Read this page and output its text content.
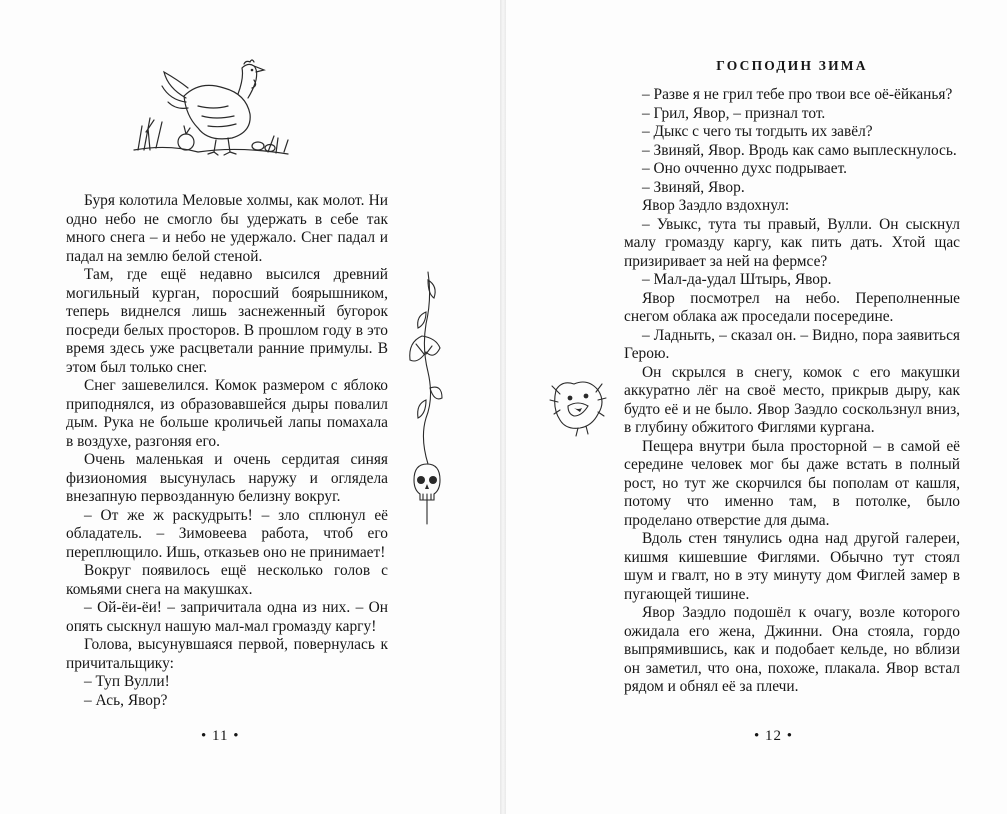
Буря колотила Меловые холмы, как молот. Ни одно небо не смогло бы удержать в себе так много снега – и небо не удержало. Снег падал и падал на землю белой стеной.

Там, где ещё недавно высился древний могильный курган, поросший боярышником, теперь виднелся лишь заснеженный бугорок посреди белых просторов. В прошлом году в это время здесь уже расцветали ранние примулы. В этом был только снег.

Снег зашевелился. Комок размером с яблоко приподнялся, из образовавшейся дыры повалил дым. Рука не больше кроличьей лапы помахала в воздухе, разгоняя его.

Очень маленькая и очень сердитая синяя физиономия высунулась наружу и оглядела внезапную первозданную белизну вокруг.

– От же ж раскудрыть! – зло сплюнул её обладатель. – Зимовеева работа, чтоб его переплющило. Ишь, отказьев оно не принимает!

Вокруг появилось ещё несколько голов с комьями снега на макушках.

– Ой-ёи-ёи! – запричитала одна из них. – Он опять сыскнул нашую мал-мал громазду каргу!

Голова, высунувшаяся первой, повернулась к причитальщику:

– Туп Вулли!

– Ась, Явор?

• 11 •
ГОСПОДИН ЗИМА

– Разве я не грил тебе про твои все оё-ёйканья?

– Грил, Явор, – признал тот.

– Дыкс с чего ты тогдыть их завёл?

– Звиняй, Явор. Вродь как само выплескнулось.

– Оно очченно духс подрывает.

– Звиняй, Явор.

Явор Заэдло вздохнул:

– Увыкс, тута ты правый, Вулли. Он сыскнул малу громазду каргу, как пить дать. Хтой щас призиривает за ней на фермсе?

– Мал-да-удал Штырь, Явор.

Явор посмотрел на небо. Переполненные снегом облака аж проседали посередине.

– Ладныть, – сказал он. – Видно, пора заявиться Герою.

Он скрылся в снегу, комок с его макушки аккуратно лёг на своё место, прикрыв дыру, как будто её и не было. Явор Заэдло соскользнул вниз, в глубину обжитого Фиглями кургана.

Пещера внутри была просторной – в самой её середине человек мог бы даже встать в полный рост, но тут же скорчился бы пополам от кашля, потому что именно там, в потолке, было проделано отверстие для дыма.

Вдоль стен тянулись одна над другой галереи, кишмя кишевшие Фиглями. Обычно тут стоял шум и гвалт, но в эту минуту дом Фиглей замер в пугающей тишине.

Явор Заэдло подошёл к очагу, возле которого ожидала его жена, Джинни. Она стояла, гордо выпрямившись, как и подобает кельде, но вблизи он заметил, что она, похоже, плакала. Явор встал рядом и обнял её за плечи.

• 12 •
